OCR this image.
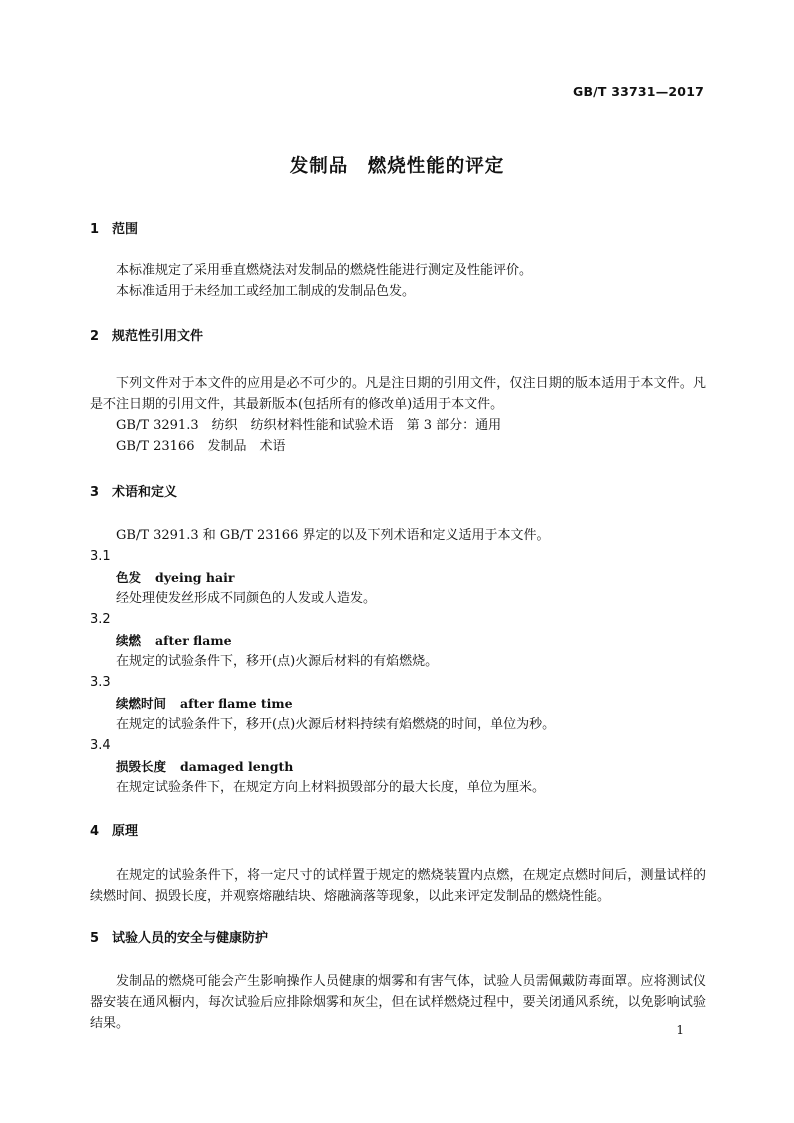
GB/T 33731—2017
发制品　燃烧性能的评定
1 范围

本标准规定了采用垂直燃烧法对发制品的燃烧性能进行测定及性能评价。

本标准适用于未经加工或经加工制成的发制品色发。

2 规范性引用文件

下列文件对于本文件的应用是必不可少的。凡是注日期的引用文件，仅注日期的版本适用于本文件。凡是不注日期的引用文件，其最新版本(包括所有的修改单)适用于本文件。

GB/T 3291.3　纺织　纺织材料性能和试验术语　第 3 部分：通用

GB/T 23166　发制品　术语

3 术语和定义

GB/T 3291.3 和 GB/T 23166 界定的以及下列术语和定义适用于本文件。

3.1

色发 dyeing hair

经处理使发丝形成不同颜色的人发或人造发。

3.2

续燃 after flame

在规定的试验条件下，移开(点)火源后材料的有焰燃烧。

3.3

续燃时间 after flame time

在规定的试验条件下，移开(点)火源后材料持续有焰燃烧的时间，单位为秒。

3.4

损毁长度 damaged length

在规定试验条件下，在规定方向上材料损毁部分的最大长度，单位为厘米。

4 原理

在规定的试验条件下，将一定尺寸的试样置于规定的燃烧装置内点燃，在规定点燃时间后，测量试样的续燃时间、损毁长度，并观察熔融结块、熔融滴落等现象，以此来评定发制品的燃烧性能。

5 试验人员的安全与健康防护

发制品的燃烧可能会产生影响操作人员健康的烟雾和有害气体，试验人员需佩戴防毒面罩。应将测试仪器安装在通风橱内，每次试验后应排除烟雾和灰尘，但在试样燃烧过程中，要关闭通风系统，以免影响试验结果。	1
